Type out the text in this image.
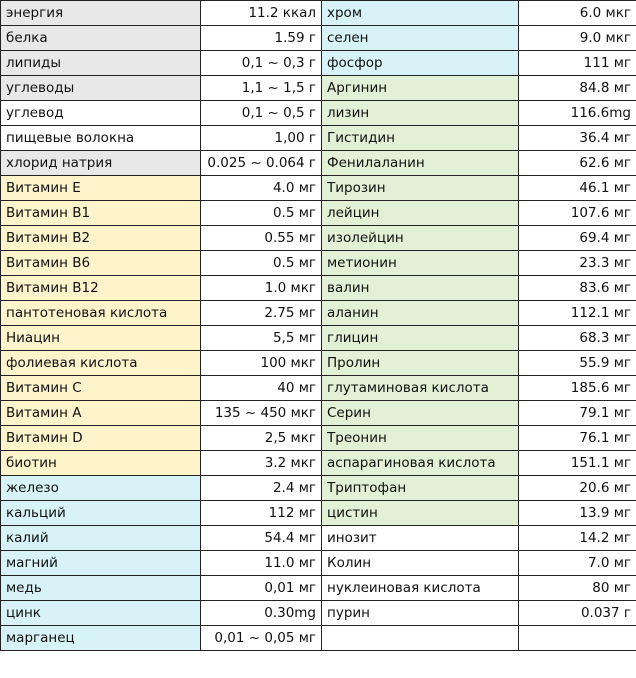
энергия	11.2 ккал	хром	6.0 мкг
белка	1.59 г	селен	9.0 мкг
липиды	0,1 ~ 0,3 г	фосфор	111 мг
углеводы	1,1 ~ 1,5 г	Аргинин	84.8 мг
углевод	0,1 ~ 0,5 г	лизин	116.6mg
пищевые волокна	1,00 г	Гистидин	36.4 мг
хлорид натрия	0.025 ~ 0.064 г	Фенилаланин	62.6 мг
Витамин E	4.0 мг	Тирозин	46.1 мг
Витамин B1	0.5 мг	лейцин	107.6 мг
Витамин B2	0.55 мг	изолейцин	69.4 мг
Витамин B6	0.5 мг	метионин	23.3 мг
Витамин B12	1.0 мкг	валин	83.6 мг
пантотеновая кислота	2.75 мг	аланин	112.1 мг
Ниацин	5,5 мг	глицин	68.3 мг
фолиевая кислота	100 мкг	Пролин	55.9 мг
Витамин C	40 мг	глутаминовая кислота	185.6 мг
Витамин A	135 ~ 450 мкг	Серин	79.1 мг
Витамин D	2,5 мкг	Треонин	76.1 мг
биотин	3.2 мкг	аспарагиновая кислота	151.1 мг
железо	2.4 мг	Триптофан	20.6 мг
кальций	112 мг	цистин	13.9 мг
калий	54.4 мг	инозит	14.2 мг
магний	11.0 мг	Колин	7.0 мг
медь	0,01 мг	нуклеиновая кислота	80 мг
цинк	0.30mg	пурин	0.037 г
марганец	0,01 ~ 0,05 мг		
